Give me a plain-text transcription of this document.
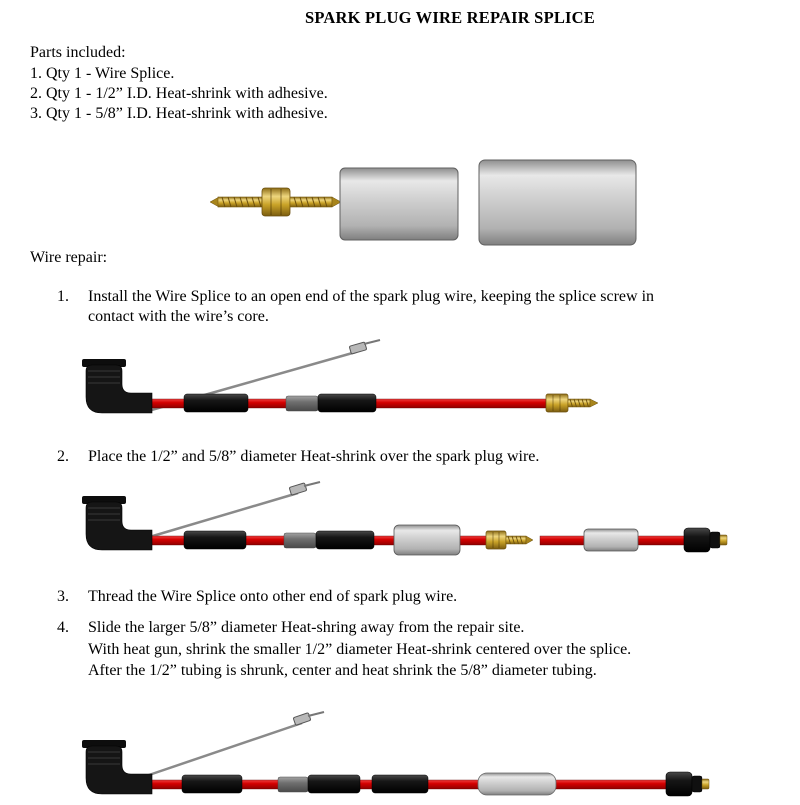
SPARK PLUG WIRE REPAIR SPLICE
Parts included:
1. Qty 1 - Wire Splice.
2. Qty 1 - 1/2” I.D. Heat-shrink with adhesive.
3. Qty 1 - 5/8” I.D. Heat-shrink with adhesive.
Wire repair:
1.	Install the Wire Splice to an open end of the spark plug wire, keeping the splice screw in
contact with the wire’s core.
2.	Place the 1/2” and 5/8” diameter Heat-shrink over the spark plug wire.
3.	Thread the Wire Splice onto other end of spark plug wire.
4.	Slide the larger 5/8” diameter Heat-shring away from the repair site.
With heat gun, shrink the smaller 1/2” diameter Heat-shrink centered over the splice.
After the 1/2” tubing is shrunk, center and heat shrink the 5/8” diameter tubing.
